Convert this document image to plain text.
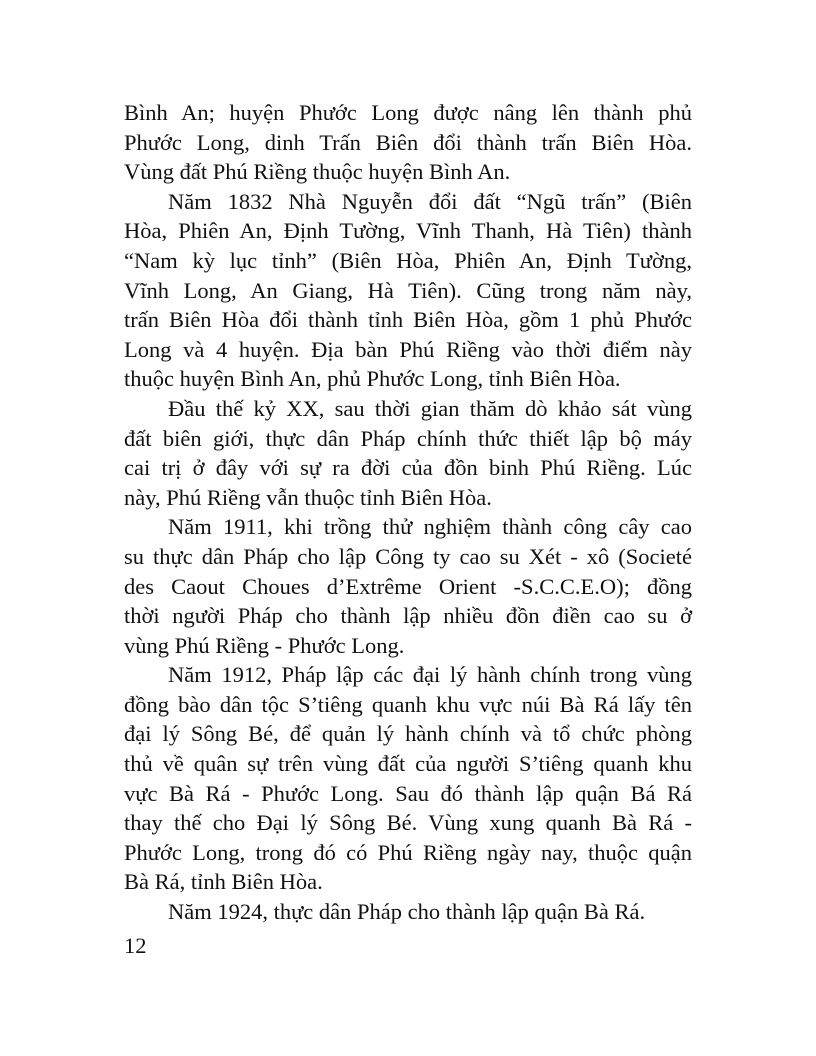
Bình An; huyện Phước Long được nâng lên thành phủ
Phước Long, dinh Trấn Biên đổi thành trấn Biên Hòa.
Vùng đất Phú Riềng thuộc huyện Bình An.
Năm 1832 Nhà Nguyễn đổi đất “Ngũ trấn” (Biên
Hòa, Phiên An, Định Tường, Vĩnh Thanh, Hà Tiên) thành
“Nam kỳ lục tỉnh” (Biên Hòa, Phiên An, Định Tường,
Vĩnh Long, An Giang, Hà Tiên). Cũng trong năm này,
trấn Biên Hòa đổi thành tỉnh Biên Hòa, gồm 1 phủ Phước
Long và 4 huyện. Địa bàn Phú Riềng vào thời điểm này
thuộc huyện Bình An, phủ Phước Long, tỉnh Biên Hòa.
Đầu thế kỷ XX, sau thời gian thăm dò khảo sát vùng
đất biên giới, thực dân Pháp chính thức thiết lập bộ máy
cai trị ở đây với sự ra đời của đồn binh Phú Riềng. Lúc
này, Phú Riềng vẫn thuộc tỉnh Biên Hòa.
Năm 1911, khi trồng thử nghiệm thành công cây cao
su thực dân Pháp cho lập Công ty cao su Xét - xô (Societé
des Caout Choues d’Extrême Orient -S.C.C.E.O); đồng
thời người Pháp cho thành lập nhiều đồn điền cao su ở
vùng Phú Riềng - Phước Long.
Năm 1912, Pháp lập các đại lý hành chính trong vùng
đồng bào dân tộc S’tiêng quanh khu vực núi Bà Rá lấy tên
đại lý Sông Bé, để quản lý hành chính và tổ chức phòng
thủ về quân sự trên vùng đất của người S’tiêng quanh khu
vực Bà Rá - Phước Long. Sau đó thành lập quận Bá Rá
thay thế cho Đại lý Sông Bé. Vùng xung quanh Bà Rá -
Phước Long, trong đó có Phú Riềng ngày nay, thuộc quận
Bà Rá, tỉnh Biên Hòa.
Năm 1924, thực dân Pháp cho thành lập quận Bà Rá.
12
